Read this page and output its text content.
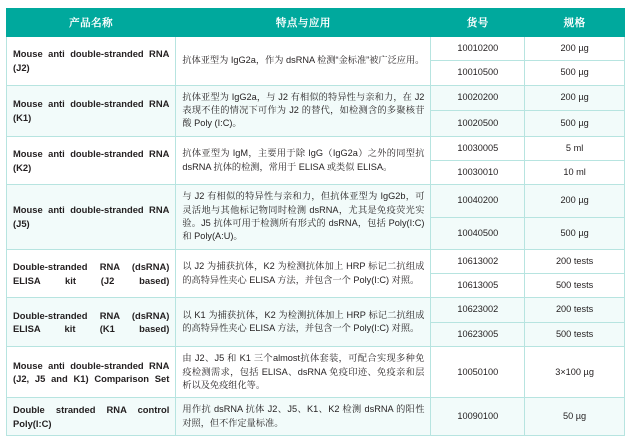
产品名称	特点与应用	货号	规格
Mouse anti double-stranded RNA (J2)	抗体亚型为 IgG2a，作为 dsRNA 检测“金标准”被广泛应用。	10010200	200 µg
		10010500	500 µg
Mouse anti double-stranded RNA (K1)	抗体亚型为 IgG2a，与 J2 有相似的特异性与亲和力，在 J2 表现不佳的情况下可作为 J2 的替代，如检测含的多聚核苷酸 Poly (I:C)。	10020200	200 µg
		10020500	500 µg
Mouse anti double-stranded RNA (K2)	抗体亚型为 IgM，主要用于除 IgG（IgG2a）之外的同型抗 dsRNA 抗体的检测，常用于 ELISA 或类似 ELISA。	10030005	5 ml
		10030010	10 ml
Mouse anti double-stranded RNA (J5)	与 J2 有相似的特异性与亲和力，但抗体亚型为 IgG2b，可灵活地与其他标记物同时检测 dsRNA，尤其是免疫荧光实验。J5 抗体可用于检测所有形式的 dsRNA，包括 Poly(I:C) 和 Poly(A:U)。	10040200	200 µg
		10040500	500 µg
Double-stranded RNA (dsRNA) ELISA kit (J2 based)	以 J2 为捕获抗体，K2 为检测抗体加上 HRP 标记二抗组成的高特异性夹心 ELISA 方法，并包含一个 Poly(I:C) 对照。	10613002	200 tests
		10613005	500 tests
Double-stranded RNA (dsRNA) ELISA kit (K1 based)	以 K1 为捕获抗体，K2 为检测抗体加上 HRP 标记二抗组成的高特异性夹心 ELISA 方法，并包含一个 Poly(I:C) 对照。	10623002	200 tests
		10623005	500 tests
Mouse anti double-stranded RNA (J2, J5 and K1) Comparison Set	由 J2、J5 和 K1 三个almost抗体套装，可配合实现多种免疫检测需求，包括 ELISA、dsRNA 免疫印迹、免疫亲和层析以及免疫组化等。	10050100	3×100 µg
Double stranded RNA control Poly(I:C)	用作抗 dsRNA 抗体 J2、J5、K1、K2 检测 dsRNA 的阳性对照，但不作定量标准。	10090100	50 µg
